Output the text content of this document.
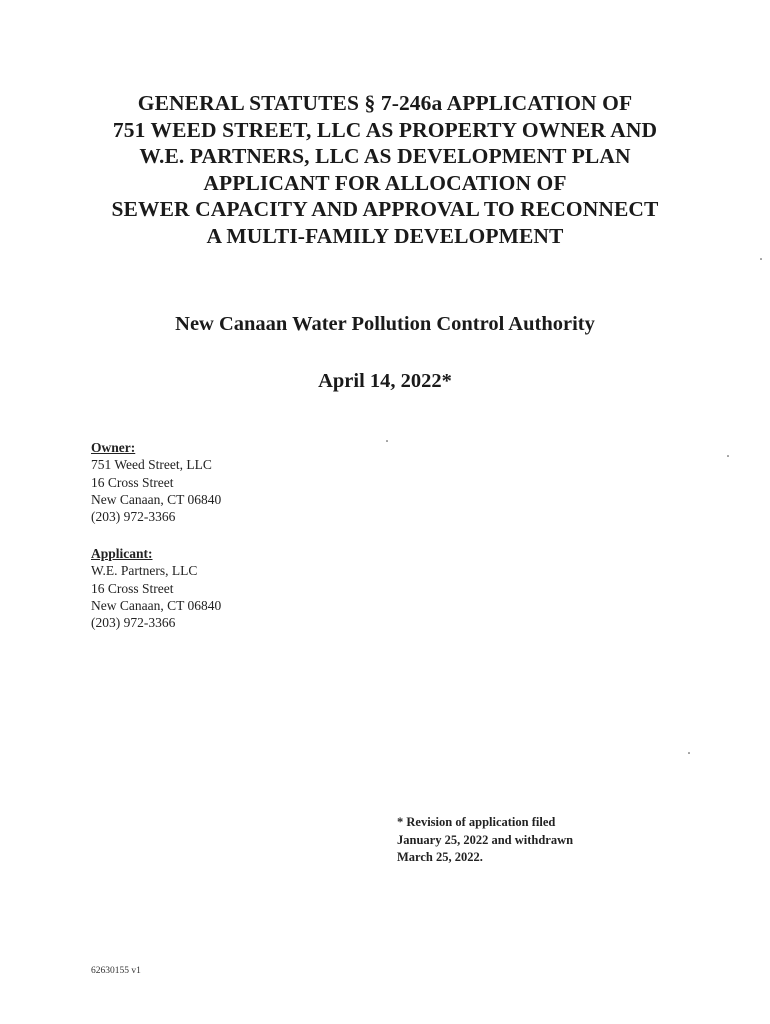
GENERAL STATUTES § 7-246a APPLICATION OF
751 WEED STREET, LLC AS PROPERTY OWNER AND
W.E. PARTNERS, LLC AS DEVELOPMENT PLAN
APPLICANT FOR ALLOCATION OF
SEWER CAPACITY AND APPROVAL TO RECONNECT
A MULTI-FAMILY DEVELOPMENT
New Canaan Water Pollution Control Authority
April 14, 2022*
Owner:
751 Weed Street, LLC
16 Cross Street
New Canaan, CT 06840
(203) 972-3366
Applicant:
W.E. Partners, LLC
16 Cross Street
New Canaan, CT 06840
(203) 972-3366
* Revision of application filed
January 25, 2022 and withdrawn
March 25, 2022.
62630155 v1
